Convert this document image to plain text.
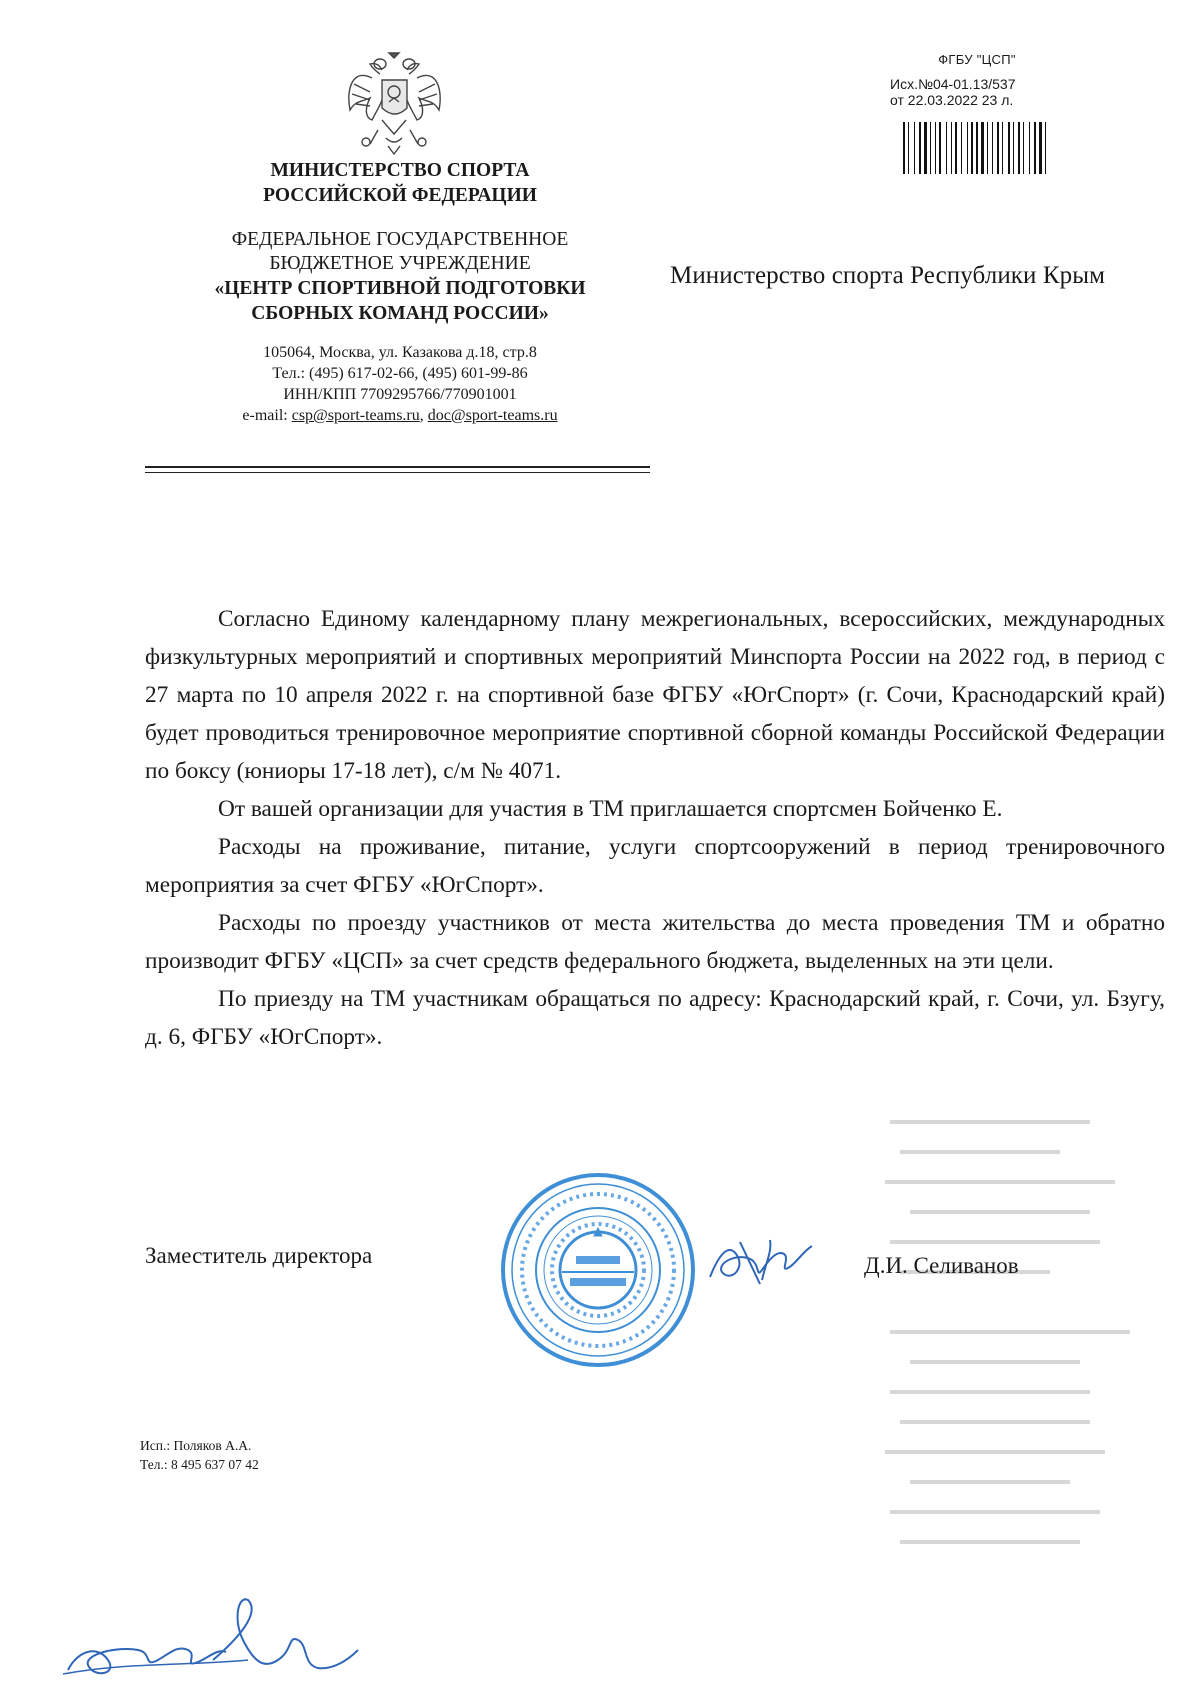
МИНИСТЕРСТВО СПОРТА
РОССИЙСКОЙ ФЕДЕРАЦИИ
ФЕДЕРАЛЬНОЕ ГОСУДАРСТВЕННОЕ
БЮДЖЕТНОЕ УЧРЕЖДЕНИЕ
«ЦЕНТР СПОРТИВНОЙ ПОДГОТОВКИ
СБОРНЫХ КОМАНД РОССИИ»
105064, Москва, ул. Казакова д.18, стр.8
Тел.: (495) 617-02-66, (495) 601-99-86
ИНН/КПП 7709295766/770901001
e-mail: csp@sport-teams.ru, doc@sport-teams.ru
ФГБУ "ЦСП"
Исх.№04-01.13/537
от 22.03.2022 23 л.
Министерство спорта Республики Крым

Согласно Единому календарному плану межрегиональных, всероссийских, международных физкультурных мероприятий и спортивных мероприятий Минспорта России на 2022 год, в период с 27 марта по 10 апреля 2022 г. на спортивной базе ФГБУ «ЮгСпорт» (г. Сочи, Краснодарский край) будет проводиться тренировочное мероприятие спортивной сборной команды Российской Федерации по боксу (юниоры 17-18 лет), с/м № 4071.

От вашей организации для участия в ТМ приглашается спортсмен Бойченко Е.

Расходы на проживание, питание, услуги спортсооружений в период тренировочного мероприятия за счет ФГБУ «ЮгСпорт».

Расходы по проезду участников от места жительства до места проведения ТМ и обратно производит ФГБУ «ЦСП» за счет средств федерального бюджета, выделенных на эти цели.

По приезду на ТМ участникам обращаться по адресу: Краснодарский край, г. Сочи, ул. Бзугу, д. 6, ФГБУ «ЮгСпорт».

Заместитель директора	Д.И. Селиванов
Исп.: Поляков А.А.
Тел.: 8 495 637 07 42
